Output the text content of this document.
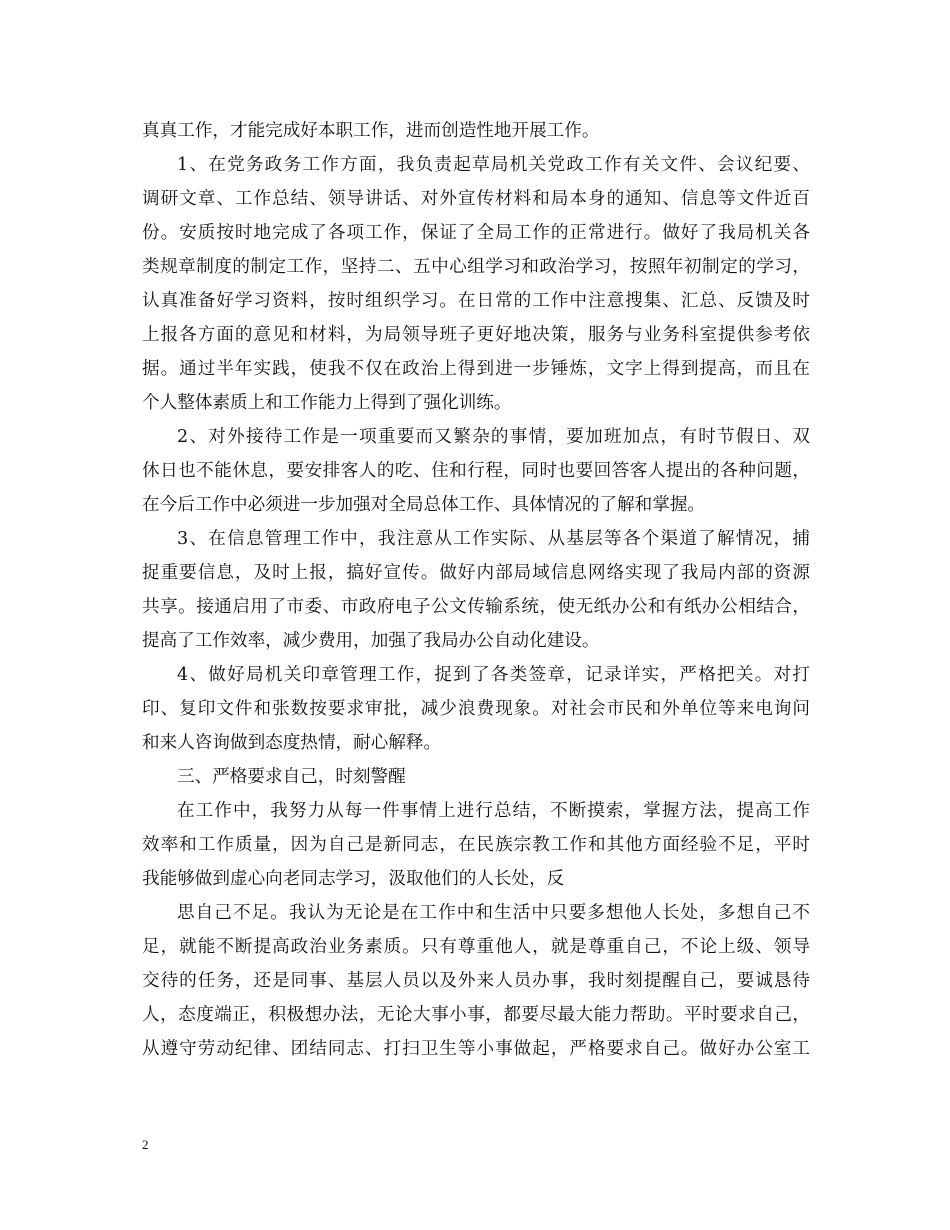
真真工作，才能完成好本职工作，进而创造性地开展工作。
1、在党务政务工作方面，我负责起草局机关党政工作有关文件、会议纪要、
调研文章、工作总结、领导讲话、对外宣传材料和局本身的通知、信息等文件近百
份。安质按时地完成了各项工作，保证了全局工作的正常进行。做好了我局机关各
类规章制度的制定工作，坚持二、五中心组学习和政治学习，按照年初制定的学习，
认真准备好学习资料，按时组织学习。在日常的工作中注意搜集、汇总、反馈及时
上报各方面的意见和材料，为局领导班子更好地决策，服务与业务科室提供参考依
据。通过半年实践，使我不仅在政治上得到进一步锤炼，文字上得到提高，而且在
个人整体素质上和工作能力上得到了强化训练。
2、对外接待工作是一项重要而又繁杂的事情，要加班加点，有时节假日、双
休日也不能休息，要安排客人的吃、住和行程，同时也要回答客人提出的各种问题，
在今后工作中必须进一步加强对全局总体工作、具体情况的了解和掌握。
3、在信息管理工作中，我注意从工作实际、从基层等各个渠道了解情况，捕
捉重要信息，及时上报，搞好宣传。做好内部局域信息网络实现了我局内部的资源
共享。接通启用了市委、市政府电子公文传输系统，使无纸办公和有纸办公相结合，
提高了工作效率，减少费用，加强了我局办公自动化建设。
4、做好局机关印章管理工作，捉到了各类签章，记录详实，严格把关。对打
印、复印文件和张数按要求审批，减少浪费现象。对社会市民和外单位等来电询问
和来人咨询做到态度热情，耐心解释。
三、严格要求自己，时刻警醒
在工作中，我努力从每一件事情上进行总结，不断摸索，掌握方法，提高工作
效率和工作质量，因为自己是新同志，在民族宗教工作和其他方面经验不足，平时
我能够做到虚心向老同志学习，汲取他们的人长处，反
思自己不足。我认为无论是在工作中和生活中只要多想他人长处，多想自己不
足，就能不断提高政治业务素质。只有尊重他人，就是尊重自己，不论上级、领导
交待的任务，还是同事、基层人员以及外来人员办事，我时刻提醒自己，要诚恳待
人，态度端正，积极想办法，无论大事小事，都要尽最大能力帮助。平时要求自己，
从遵守劳动纪律、团结同志、打扫卫生等小事做起，严格要求自己。做好办公室工
2
